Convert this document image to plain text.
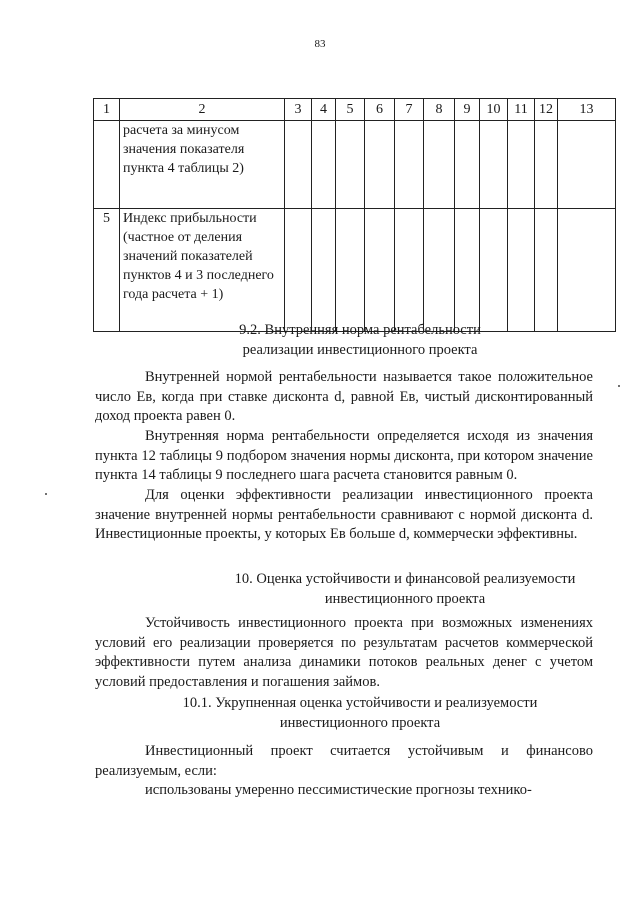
83
1	2	3	4	5	6	7	8	9	10	11	12	13
	расчета за минусом значения показателя пункта 4 таблицы 2)											
5	Индекс прибыльности (частное от деления значений показателей пунктов 4 и 3 последнего года расчета + 1)											
9.2. Внутренняя норма рентабельности
реализации инвестиционного проекта
Внутренней нормой рентабельности называется такое положительное число Eв, когда при ставке дисконта d, равной Eв, чистый дисконтированный доход проекта равен 0.
Внутренняя норма рентабельности определяется исходя из значения пункта 12 таблицы 9 подбором значения нормы дисконта, при котором значение пункта 14 таблицы 9 последнего шага расчета становится равным 0.
Для оценки эффективности реализации инвестиционного проекта значение внутренней нормы рентабельности сравнивают с нормой дисконта d. Инвестиционные проекты, у которых Eв больше d, коммерчески эффективны.
10. Оценка устойчивости и финансовой реализуемости
инвестиционного проекта
Устойчивость инвестиционного проекта при возможных изменениях условий его реализации проверяется по результатам расчетов коммерческой эффективности путем анализа динамики потоков реальных денег с учетом условий предоставления и погашения займов.
10.1. Укрупненная оценка устойчивости и реализуемости
инвестиционного проекта
Инвестиционный проект считается устойчивым и финансово реализуемым, если:
использованы умеренно пессимистические прогнозы технико-
